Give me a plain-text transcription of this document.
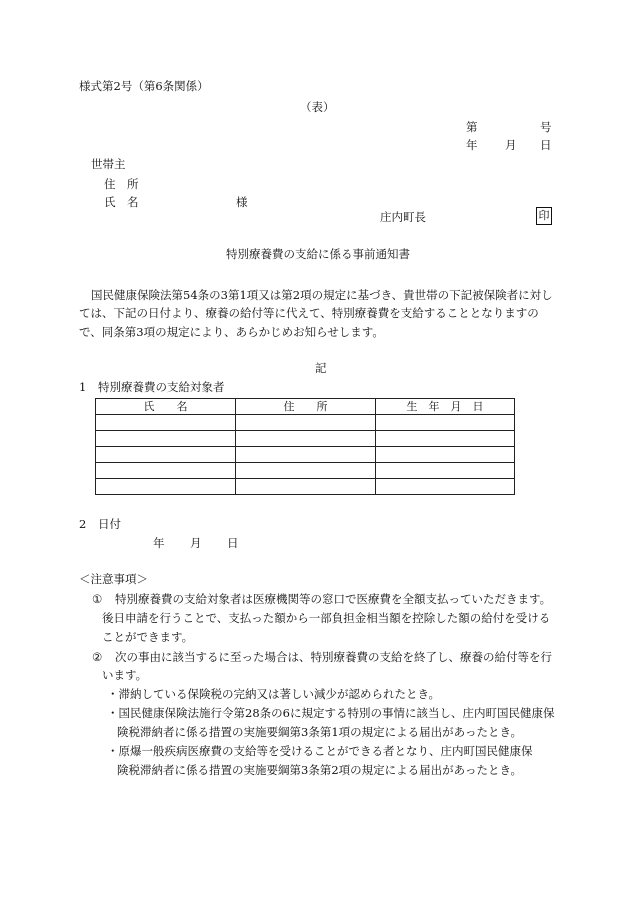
様式第2号（第6条関係）
（表）
第	号
年 月 日
世帯主
住　所
氏　名	様
庄内町長	印
特別療養費の支給に係る事前通知書
国民健康保険法第54条の3第1項又は第2項の規定に基づき、貴世帯の下記被保険者に対し
ては、下記の日付より、療養の給付等に代えて、特別療養費を支給することとなりますの
で、同条第3項の規定により、あらかじめお知らせします。
記
1 特別療養費の支給対象者
氏　　名	住　　所	生　年　月　日

2 日付
年 月 日
＜注意事項＞
① 特別療養費の支給対象者は医療機関等の窓口で医療費を全額支払っていただきます。
後日申請を行うことで、支払った額から一部負担金相当額を控除した額の給付を受ける
ことができます。
② 次の事由に該当するに至った場合は、特別療養費の支給を終了し、療養の給付等を行
います。
・滞納している保険税の完納又は著しい減少が認められたとき。
・国民健康保険法施行令第28条の6に規定する特別の事情に該当し、庄内町国民健康保
険税滞納者に係る措置の実施要綱第3条第1項の規定による届出があったとき。
・原爆一般疾病医療費の支給等を受けることができる者となり、庄内町国民健康保
険税滞納者に係る措置の実施要綱第3条第2項の規定による届出があったとき。
